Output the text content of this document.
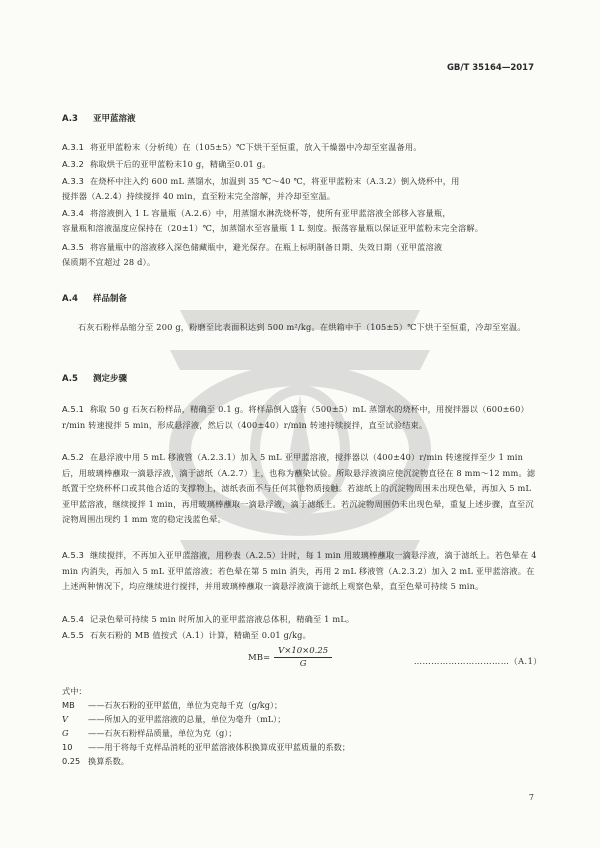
GB/T 35164—2017
A.3 亚甲蓝溶液
A.3.1 将亚甲蓝粉末（分析纯）在（105±5）℃下烘干至恒重，放入干燥器中冷却至室温备用。
A.3.2 称取烘干后的亚甲蓝粉末10 g，精确至0.01 g。
A.3.3 在烧杯中注入约 600 mL 蒸馏水，加温到 35 ℃～40 ℃，将亚甲蓝粉末（A.3.2）倒入烧杯中，用
搅拌器（A.2.4）持续搅拌 40 min，直至粉末完全溶解，并冷却至室温。
A.3.4 将溶液倒入 1 L 容量瓶（A.2.6）中，用蒸馏水淋洗烧杯等，使所有亚甲蓝溶液全部移入容量瓶，
容量瓶和溶液温度应保持在（20±1）℃，加蒸馏水至容量瓶 1 L 刻度。振荡容量瓶以保证亚甲蓝粉末完全溶解。
A.3.5 将容量瓶中的溶液移入深色储藏瓶中，避光保存。在瓶上标明制备日期、失效日期（亚甲蓝溶液
保质期不宜超过 28 d）。
A.4 样品制备
石灰石粉样品缩分至 200 g，粉磨至比表面积达到 500 m²/kg。在烘箱中于（105±5）℃下烘干至恒重，冷却至室温。
A.5 测定步骤
A.5.1 称取 50 g 石灰石粉样品，精确至 0.1 g。将样品倒入盛有（500±5）mL 蒸馏水的烧杯中，用搅拌器以（600±60）r/min 转速搅拌 5 min，形成悬浮液，然后以（400±40）r/min 转速持续搅拌，直至试验结束。
A.5.2 在悬浮液中用 5 mL 移液管（A.2.3.1）加入 5 mL 亚甲蓝溶液，搅拌器以（400±40）r/min 转速搅拌至少 1 min 后，用玻璃棒蘸取一滴悬浮液，滴于滤纸（A.2.7）上，也称为蘸染试验。所取悬浮液滴应使沉淀物直径在 8 mm～12 mm。滤纸置于空烧杯杯口或其他合适的支撑物上，滤纸表面不与任何其他物质接触。若滤纸上的沉淀物周围未出现色晕，再加入 5 mL 亚甲蓝溶液，继续搅拌 1 min，再用玻璃棒蘸取一滴悬浮液，滴于滤纸上。若沉淀物周围仍未出现色晕，重复上述步骤，直至沉淀物周围出现约 1 mm 宽的稳定浅蓝色晕。
A.5.3 继续搅拌，不再加入亚甲蓝溶液，用秒表（A.2.5）计时，每 1 min 用玻璃棒蘸取一滴悬浮液，滴于滤纸上。若色晕在 4 min 内消失，再加入 5 mL 亚甲蓝溶液；若色晕在第 5 min 消失，再用 2 mL 移液管（A.2.3.2）加入 2 mL 亚甲蓝溶液。在上述两种情况下，均应继续进行搅拌，并用玻璃棒蘸取一滴悬浮液滴于滤纸上观察色晕，直至色晕可持续 5 min。
A.5.4 记录色晕可持续 5 min 时所加入的亚甲蓝溶液总体积，精确至 1 mL。
A.5.5 石灰石粉的 MB 值按式（A.1）计算，精确至 0.01 g/kg。
$MB= \frac{V\times 10\times 0.25}{G}$	……………………………（A.1）
式中：
MB ——石灰石粉的亚甲蓝值，单位为克每千克（g/kg）；
V ——所加入的亚甲蓝溶液的总量，单位为毫升（mL）；
G ——石灰石粉样品质量，单位为克（g）；
10 ——用于将每千克样品消耗的亚甲蓝溶液体积换算成亚甲蓝质量的系数；
0.25 换算系数。
7
